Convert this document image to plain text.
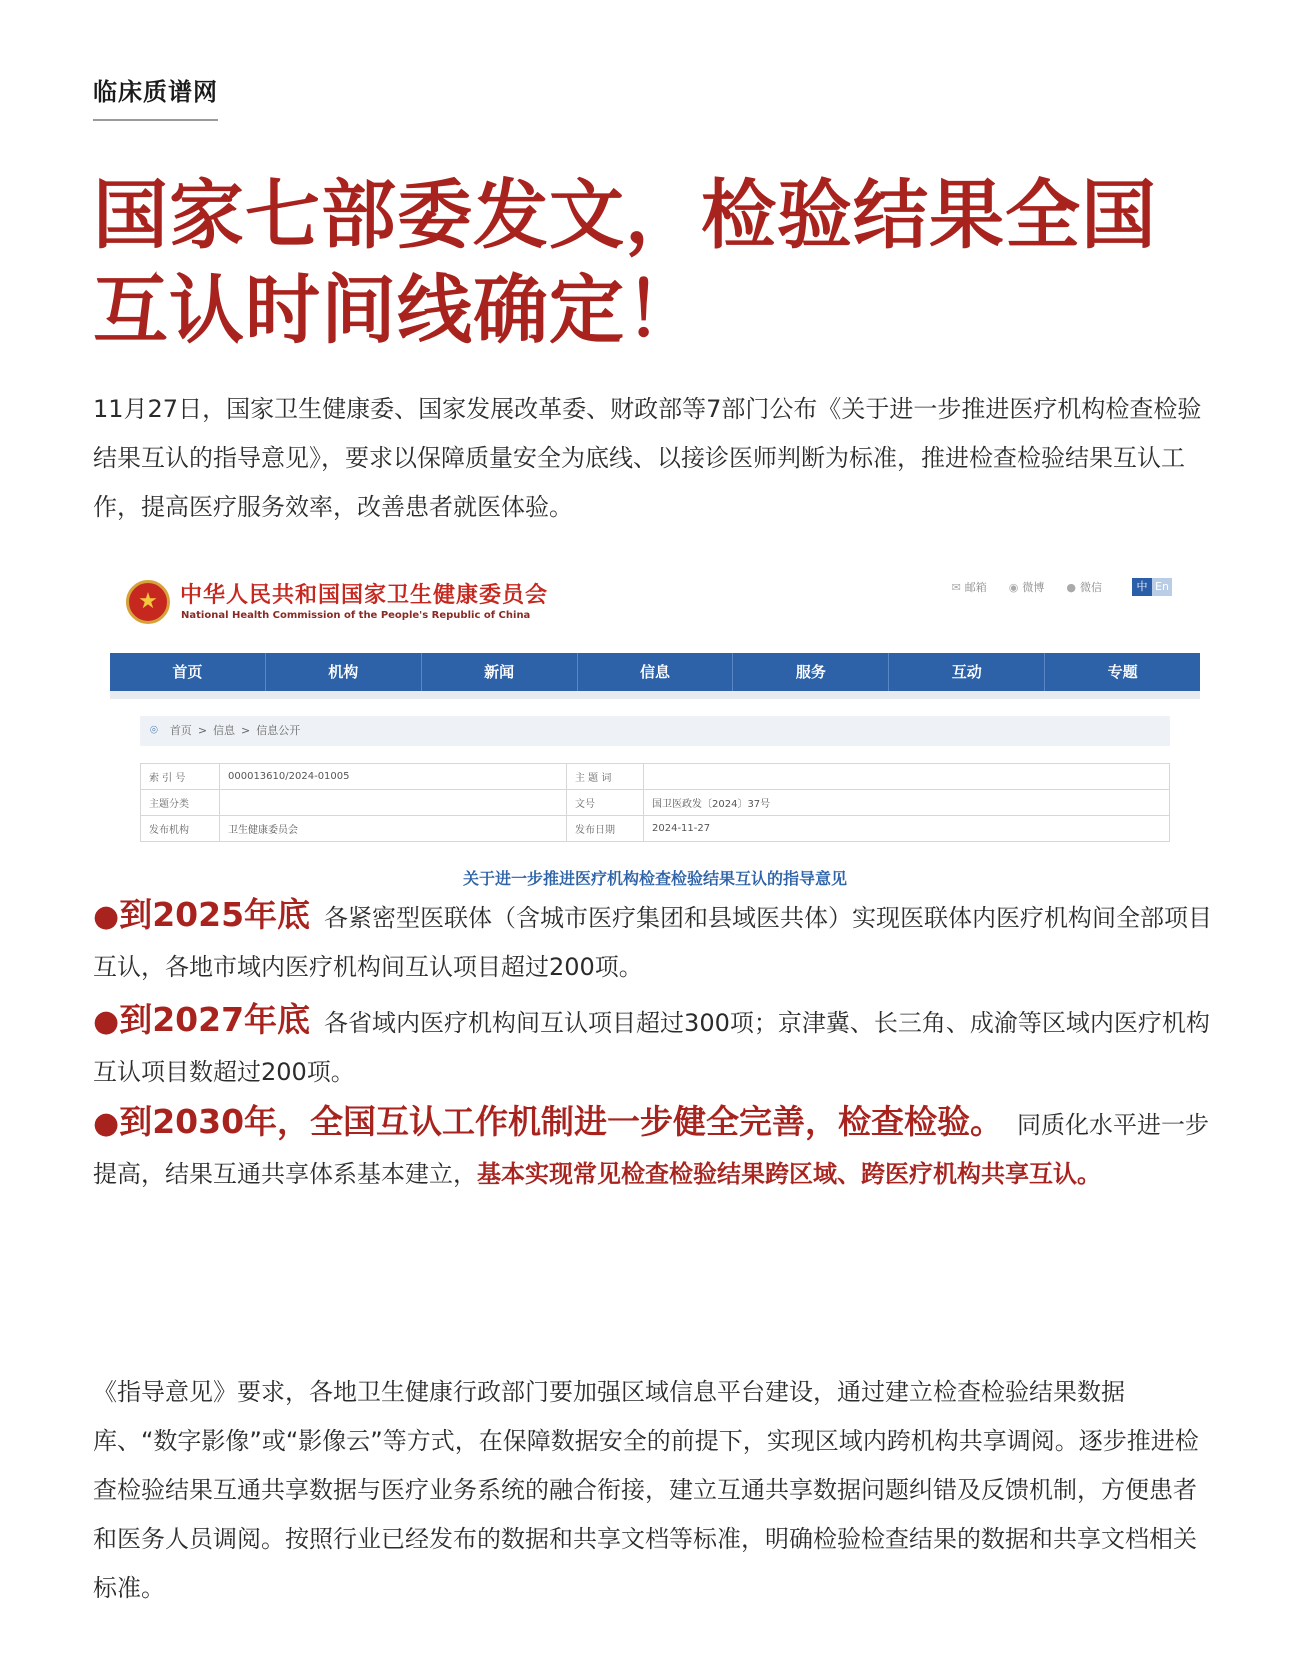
临床质谱网
国家七部委发文，检验结果全国互认时间线确定！

11月27日，国家卫生健康委、国家发展改革委、财政部等7部门公布《关于进一步推进医疗机构检查检验结果互认的指导意见》，要求以保障质量安全为底线、以接诊医师判断为标准，推进检查检验结果互认工作，提高医疗服务效率，改善患者就医体验。

★
中华人民共和国国家卫生健康委员会
National Health Commission of the People's Republic of China
✉ 邮箱 ◉ 微博 ● 微信	中 En
首页	机构	新闻	信息	服务	互动	专题
⌾ 首页 > 信息 > 信息公开
索 引 号	000013610/2024-01005	主 题 词	
主题分类		文号	国卫医政发〔2024〕37号
发布机构	卫生健康委员会	发布日期	2024-11-27
关于进一步推进医疗机构检查检验结果互认的指导意见

●到2025年底 各紧密型医联体（含城市医疗集团和县域医共体）实现医联体内医疗机构间全部项目互认，各地市域内医疗机构间互认项目超过200项。

●到2027年底 各省域内医疗机构间互认项目超过300项；京津冀、长三角、成渝等区域内医疗机构互认项目数超过200项。

●到2030年，全国互认工作机制进一步健全完善，检查检验。 同质化水平进一步提高，结果互通共享体系基本建立，基本实现常见检查检验结果跨区域、跨医疗机构共享互认。

《指导意见》要求，各地卫生健康行政部门要加强区域信息平台建设，通过建立检查检验结果数据库、“数字影像”或“影像云”等方式，在保障数据安全的前提下，实现区域内跨机构共享调阅。逐步推进检查检验结果互通共享数据与医疗业务系统的融合衔接，建立互通共享数据问题纠错及反馈机制，方便患者和医务人员调阅。按照行业已经发布的数据和共享文档等标准，明确检验检查结果的数据和共享文档相关标准。
